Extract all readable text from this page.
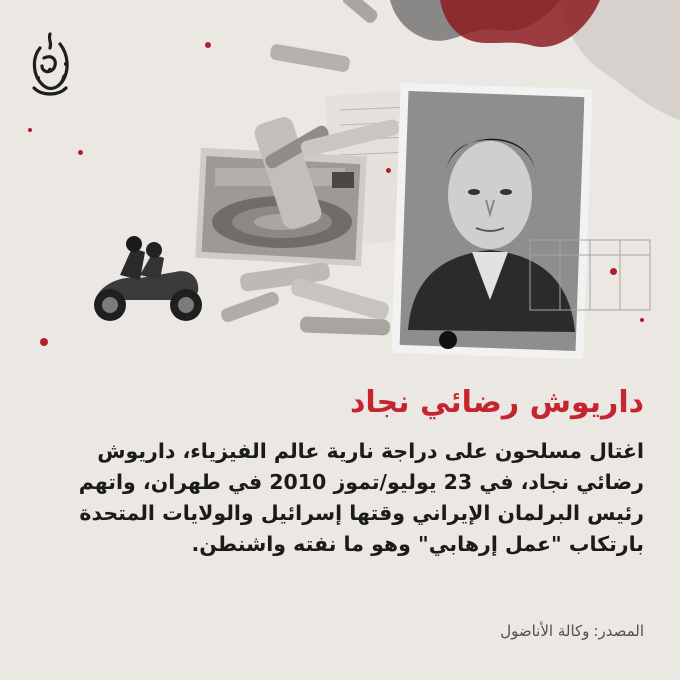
داريوش رضائي نجاد

اغتال مسلحون على دراجة نارية عالم الفيزياء، داريوش رضائي نجاد، في 23 يوليو/تموز 2010 في طهران، واتهم رئيس البرلمان الإيراني وقتها إسرائيل والولايات المتحدة بارتكاب "عمل إرهابي" وهو ما نفته واشنطن.

المصدر:وكالة الأناضول
